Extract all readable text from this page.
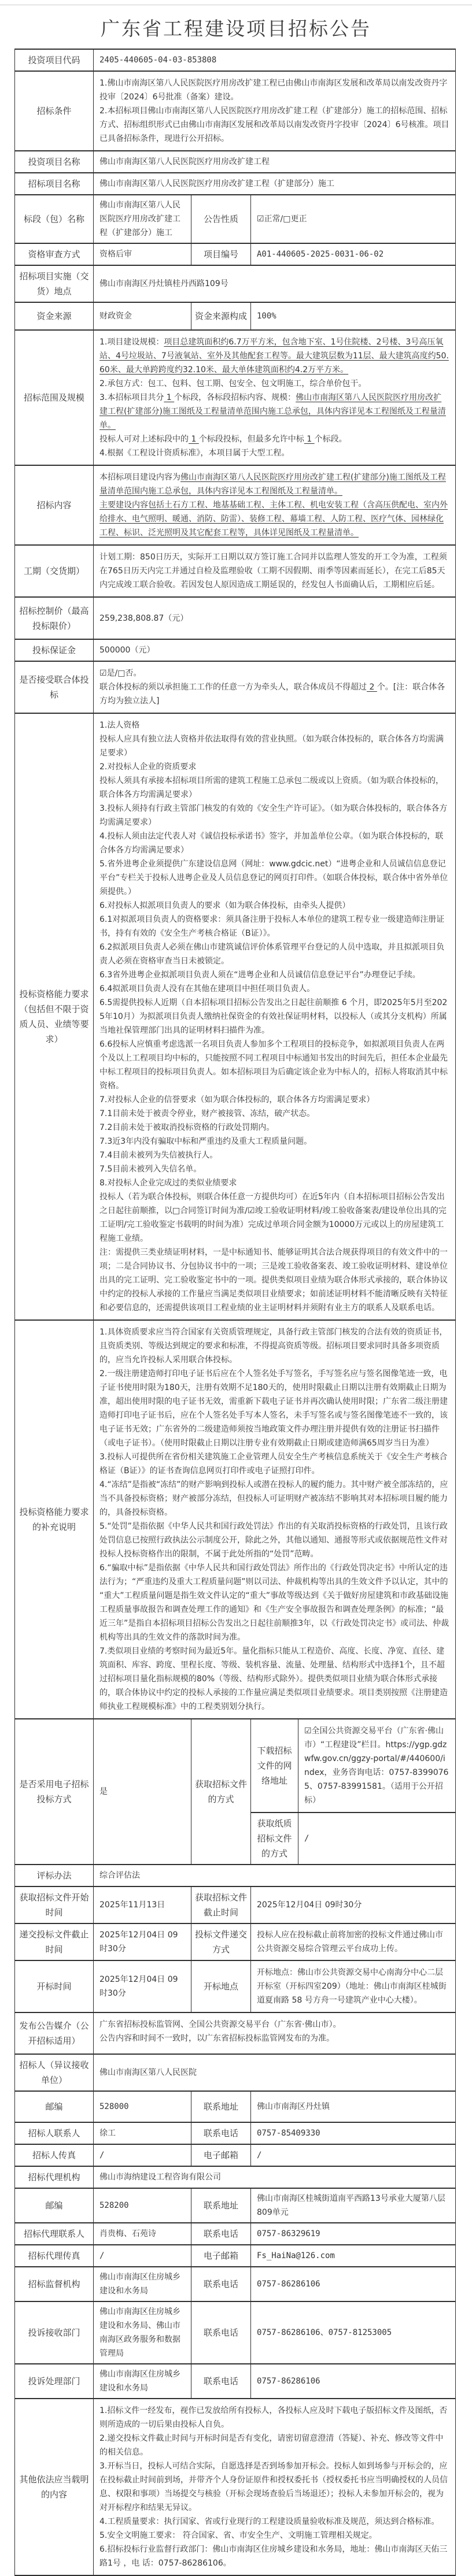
广东省工程建设项目招标公告
投资项目代码	2405-440605-04-03-853808			
招标条件	1.佛山市南海区第八人民医院医疗用房改扩建工程已由佛山市南海区发展和改革局以南发改资丹字投审〔2024〕6号批准（备案）建设。
2.本招标项目佛山市南海区第八人民医院医疗用房改扩建工程（扩建部分）施工的招标范围、招标方式、招标组织形式已由佛山市南海区发展和改革局以南发改资丹字投审〔2024〕6号核准。项目已具备招标条件，现进行公开招标。			

投资项目名称	佛山市南海区第八人民医院医疗用房改扩建工程			
招标项目名称	佛山市南海区第八人民医院医疗用房改扩建工程（扩建部分）施工			
标段（包）名称	佛山市南海区第八人民医院医疗用房改扩建工程（扩建部分）施工	公告性质	☑正常/□更正	
资格审查方式	资格后审	项目编号	A01-440605-2025-0031-06-02	
招标项目实施（交货）地点	佛山市南海区丹灶镇桂丹西路109号			
资金来源	财政资金	资金来源构成	100%	
招标范围及规模	1.项目建设规模：项目总建筑面积约6.7万平方米，包含地下室、1号住院楼、2号楼、3号高压氧站、4号垃圾站、7号液氧站、室外及其他配套工程等。最大建筑层数为11层、最大建筑高度约50.60米、最大单跨跨度约32.10米、最大单体建筑面积约4.2万平方米。
2.承包方式：包工、包料、包工期、包安全、包文明施工，综合单价包干。
3.本招标项目共分 1 个标段，各标段招标内容、规模：佛山市南海区第八人民医院医疗用房改扩建工程(扩建部分)施工图纸及工程量清单范围内施工总承包，具体内容详见本工程图纸及工程量清单。
投标人可对上述标段中的 1 个标段投标，但最多允许中标 1 个标段。
4.根据《工程设计资质标准》，本项目属于大型工程。			

招标内容	本招标项目建设内容为佛山市南海区第八人民医院医疗用房改扩建工程(扩建部分)施工图纸及工程量清单范围内施工总承包，具体内容详见本工程图纸及工程量清单。
主要建设内容包括土石方工程、地基基础工程、主体工程、机电安装工程（含高压供配电、室内外给排水、电气照明、暖通、消防、防雷）、装修工程、幕墙工程、人防工程、医疗气体、园林绿化工程、标识、泛光照明及其它配套工程等，具体详见图纸及工程量清单。			

工期（交货期）	计划工期：850日历天，实际开工日期以双方签订施工合同并以监理人签发的开工令为准，工程须在765日历天内完工并通过自检及监理验收（工期不因假期、雨季等因素而延长），在完工后85天内完成竣工联合验收。若因发包人原因造成工期延误的，经发包人书面确认后，工期相应后延。			
招标控制价（最高投标限价）	259,238,808.87（元）			
投标保证金	500000（元）			
是否接受联合体投标	☑是/□否。
联合体投标的须以承担施工工作的任意一方为牵头人，联合体成员不得超过 2 个。[注：联合体各方均为独立法人]			

投标资格能力要求（包括但不限于资质人员、业绩等要求）	
1.法人资格
投标人应具有独立法人资格并依法取得有效的营业执照。（如为联合体投标的，联合体各方均需满足要求）
2.对投标人企业的资质要求
投标人须具有承接本招标项目所需的建筑工程施工总承包二级或以上资质。（如为联合体投标的，联合体各方均需满足要求）
3.投标人须持有行政主管部门核发的有效的《安全生产许可证》。（如为联合体投标的，联合体各方均需满足要求）
4.投标人须由法定代表人对《诚信投标承诺书》签字，并加盖单位公章。（如为联合体投标的，联合体各方均需满足要求）
5.省外进粤企业须提供广东建设信息网（网址：www.gdcic.net）“进粤企业和人员诚信信息登记平台”专栏关于投标人进粤企业及人员信息登记的网页打印件。（如联合体投标，联合体中省外单位须提供。）
6.对投标人拟派项目负责人的要求（如为联合体投标，由牵头人提供）
6.1对拟派项目负责人的资格要求：须具备注册于投标人本单位的建筑工程专业一级建造师注册证书，持有有效的《安全生产考核合格证（B证）》。
6.2拟派项目负责人必须在佛山市建筑诚信评价体系管理平台登记的人员中选取，并且拟派项目负责人必须在资格审查当日未被锁定。
6.3省外进粤企业拟派项目负责人须在“进粤企业和人员诚信信息登记平台”办理登记手续。
6.4拟派项目负责人没有在其他在建项目中担任项目负责人。
6.5需提供投标人近期（自本招标项目招标公告发出之日起往前顺推 6 个月，即2025年5月至2025年10月）为拟派项目负责人缴纳社保资金的有效社保证明材料，以投标人（或其分支机构）所属当地社保管理部门出具的证明材料扫描件为准。
6.6投标人应慎重考虑选派一名项目负责人参加多个工程项目的投标竞争，如拟派项目负责人在两个及以上工程项目均中标的，只能按照不同工程项目中标通知书发出的时间先后，担任本企业最先中标工程项目的投标项目负责人。如本招标项目为后确定该企业为中标人的，招标人将取消其中标资格。
7.对投标人企业的信誉要求（如为联合体投标的，联合体各方均需满足要求）
7.1目前未处于被责令停业，财产被接管、冻结，破产状态。
7.2目前未处于被取消投标资格的行政处罚期内。
7.3近3年内没有骗取中标和严重违约及重大工程质量问题。
7.4目前未被列为失信被执行人。
7.5目前未被列入失信名单。
8.对投标人企业完成过的类似业绩要求
投标人（若为联合体投标，则联合体任意一方提供均可）在近5年内（自本招标项目招标公告发出之日起往前顺推，以□合同签订时间为准/☑竣工验收证明材料/竣工验收备案表/建设单位出具的完工证明/完工验收鉴定书载明的时间为准）完成过单项合同金额为10000万元或以上的房屋建筑工程施工业绩。
注：需提供三类业绩证明材料，一是中标通知书、能够证明其合法合规获得项目的有效文件中的一项；二是合同协议书、分包协议书中的一项；三是竣工验收备案表、竣工验收证明材料、建设单位出具的完工证明、完工验收鉴定书中的一项。提供类似项目业绩为联合体形式承接的，联合体协议中约定的投标人承接的工作量应当满足类似项目业绩要求；如前述证明材料不能清晰反映有关特征和必要信息的，还需提供该项目工程业绩的业主证明材料并须附有业主方的联系人及联系电话。

投标资格能力要求的补充说明	
1.具体资质要求应当符合国家有关资质管理规定，具备行政主管部门核发的合法有效的资质证书，且资质类别、等级达到规定的要求和标准，不得提高资质等级。招标项目要求同时具备多项资质的，应当允许投标人采用联合体投标。
2.一级注册建造师打印电子证书后应在个人签名处手写签名，手写签名应与签名图像笔迹一致，电子证书使用时限为180天，注册有效期不足180天的，使用时限截止日期以注册有效期截止日期为准，超出使用时限的电子证书无效，需重新下载电子证书并再次确认使用时限；广东省二级注册建造师打印电子证书后，应在个人签名处手写本人签名，未手写签名或与签名图像笔迹不一致的，该电子证书无效；广东省外的二级建造师须按当地政策文件办理注册并提供有效的注册证书扫描件（或电子证书）。（使用时限截止日期以注册专业有效期截止日期或建造师满65周岁当日为准）
3.投标人可提供所在省份相关建筑施工企业管理人员安全生产考核信息系统关于《安全生产考核合格证（B证）》的证书查询信息网页打印件或电子证照打印件。
4.“冻结”是指被“冻结”的财产影响到投标人或潜在投标人的履约能力。其中财产被全部冻结的，应当不具备投标资格；财产被部分冻结，但投标人可证明财产被冻结不影响其对本招标项目履约能力的，具备投标资格。
5.“处罚”是指依据《中华人民共和国行政处罚法》作出的有关取消投标资格的行政处罚，且该行政处罚信息已按照行政执法公示制度公开，除此之外，其他以通知、通报等形式或依据规范性文件对投标人投标资格作出的限制，不属于此处所指的“处罚”范畴。
6.“骗取中标”是指依据《中华人民共和国行政处罚法》所作出的《行政处罚决定书》中所认定的违法行为；“严重违约及重大工程质量问题”则以司法、仲裁机构等出具的生效文件予以认定，其中的“重大”工程质量问题是指生效文件认定的“重大”事故等级达到《关于做好房屋建筑和市政基础设施工程质量事故报告和调查处理工作的通知》和《生产安全事故报告和调查处理条例》的标准；“最近三年”是指自本招标项目招标公告发出之日起往前顺推3年，以《行政处罚决定书》或司法、仲裁机构等出具的生效文件的落款时间为准。
7.类似项目业绩的考察时间为最近5年。量化指标只能从工程造价、高度、长度、净宽、直径、建筑面积、库容、跨度、里程长度、等级、装机容量、流量、处理量、结构形式中选择1个，且不超过招标项目量化指标规模的80%（等级、结构形式除外）。提供类似项目业绩为联合体形式承接的，联合体协议中约定的投标人承接的工作量应满足类似项目业绩要求。项目类别按照《注册建造师执业工程规模标准》中的工程类别划分执行。

是否采用电子招标投标方式	是	获取招标文件的方式	下载招标文件的网络地址	☑全国公共资源交易平台（广东省·佛山市）“工程建设”栏目。https://ygp.gdzwfw.gov.cn/ggzy-portal/#/440600/index，业务咨询电话：0757-83990765、0757-83991581。（适用于公开招标）
			获取纸质招标文件的方式	/
评标办法	综合评估法			
获取招标文件开始时间	2025年11月13日	获取招标文件截止时间	2025年12月04日 09时30分	
递交投标文件截止时间	2025年12月04日 09时30分	投标文件递交方式	投标人应在投标截止前将加密的投标文件通过佛山市公共资源交易综合管理云平台成功上传。	
开标时间	2025年12月04日 09时30分	开标地点	开标地点：佛山市公共资源交易中心南海分中心二层开标室（开标四室209）（地址：佛山市南海区桂城街道夏南路 58 号方舟一号建筑产业中心大楼）。	
发布公告媒介（公开招标适用）	广东省招标投标监管网、全国公共资源交易平台（广东省·佛山市）。
公告内容和时间不一致时，以广东省招标投标监管网发布的为准。			

招标人（异议接收单位）	佛山市南海区第八人民医院			
邮编	528000	联系地址	佛山市南海区丹灶镇	
招标人联系人	徐工	联系电话	0757-85409330	
招标人传真	/	电子邮箱	/	
招标代理机构	佛山市海纳建设工程咨询有限公司			
邮编	528200	联系地址	佛山市南海区桂城街道南平西路13号承业大厦第八层809单元	
招标代理联系人	肖贵梅、石苑诗	联系电话	0757-86329619	
招标代理传真	/	电子邮箱	Fs_HaiNa@126.com	
招标监督机构	佛山市南海区住房城乡建设和水务局	联系电话	0757-86286106	
投诉接收部门	佛山市南海区住房城乡建设和水务局、佛山市南海区政务服务和数据管理局	联系电话	0757-86286106、0757-81253005	
投诉处理部门	佛山市南海区住房城乡建设和水务局	联系电话	0757-86286106	
其他依法应当载明的内容	
1.招标文件一经发布，视作已发放给所有投标人，各投标人应及时下载电子版招标文件及图纸，否则所造成的一切后果由投标人自负。
2.递交投标文件截止时间与开标时间是否有变化，请密切留意澄清（答疑）、补充、修改等文件中的相关信息。
3.开标当日，投标人可结合实际，自愿选择是否到场参加开标会。投标人如到场参与开标会的，应在投标截止时间前到场，并带齐个人身份证原件和授权委托书（授权委托书应当明确授权的人员信息、权限和事项）当场提交与核验（开标会现场查验后当场退还）；投标人未参加开标会的，视为对开标程序和结果无异议。
4.工程质量要求：执行国家、省或行业现行的工程建设质量验收标准及规范，须达到合格标准。
5.安全文明施工要求： 符合国家、省、市安全生产、文明施工管理相关规定。
6.招标投标行业监督行政部门：佛山市南海区住房城乡建设和水务局，地址：佛山市南海区天佑三路1号 ，电 话：0757-86286106。
